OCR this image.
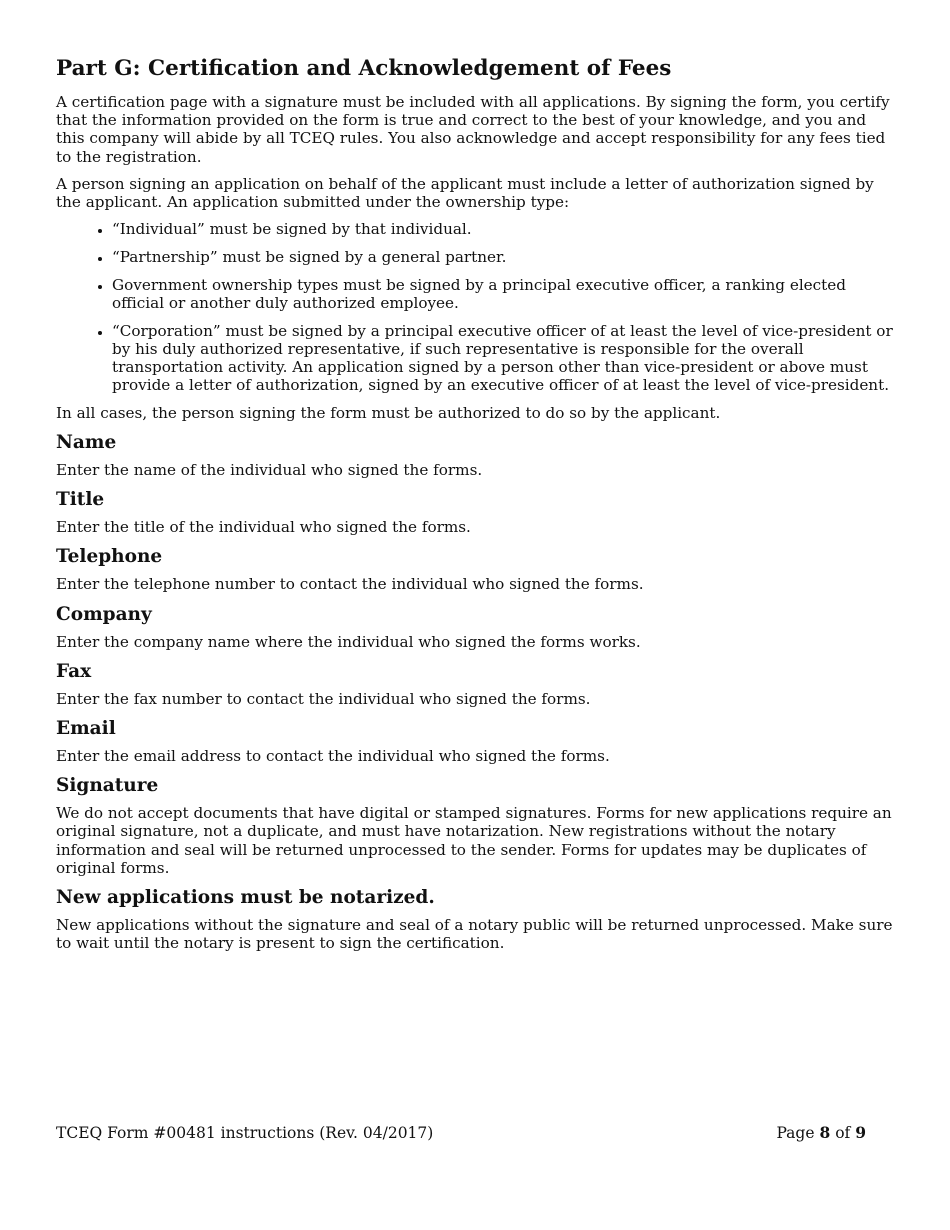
Part G: Certification and Acknowledgement of Fees

A certification page with a signature must be included with all applications. By signing the form, you certify that the information provided on the form is true and correct to the best of your knowledge, and you and this company will abide by all TCEQ rules. You also acknowledge and accept responsibility for any fees tied to the registration.

A person signing an application on behalf of the applicant must include a letter of authorization signed by the applicant. An application submitted under the ownership type:

• “Individual” must be signed by that individual.
• “Partnership” must be signed by a general partner.
• Government ownership types must be signed by a principal executive officer, a ranking elected official or another duly authorized employee.
• “Corporation” must be signed by a principal executive officer of at least the level of vice-president or by his duly authorized representative, if such representative is responsible for the overall transportation activity. An application signed by a person other than vice-president or above must provide a letter of authorization, signed by an executive officer of at least the level of vice-president.

In all cases, the person signing the form must be authorized to do so by the applicant.

Name

Enter the name of the individual who signed the forms.

Title

Enter the title of the individual who signed the forms.

Telephone

Enter the telephone number to contact the individual who signed the forms.

Company

Enter the company name where the individual who signed the forms works.

Fax

Enter the fax number to contact the individual who signed the forms.

Email

Enter the email address to contact the individual who signed the forms.

Signature

We do not accept documents that have digital or stamped signatures. Forms for new applications require an original signature, not a duplicate, and must have notarization. New registrations without the notary information and seal will be returned unprocessed to the sender. Forms for updates may be duplicates of original forms.

New applications must be notarized.

New applications without the signature and seal of a notary public will be returned unprocessed. Make sure to wait until the notary is present to sign the certification.

TCEQ Form #00481 instructions (Rev. 04/2017)	Page 8 of 9
